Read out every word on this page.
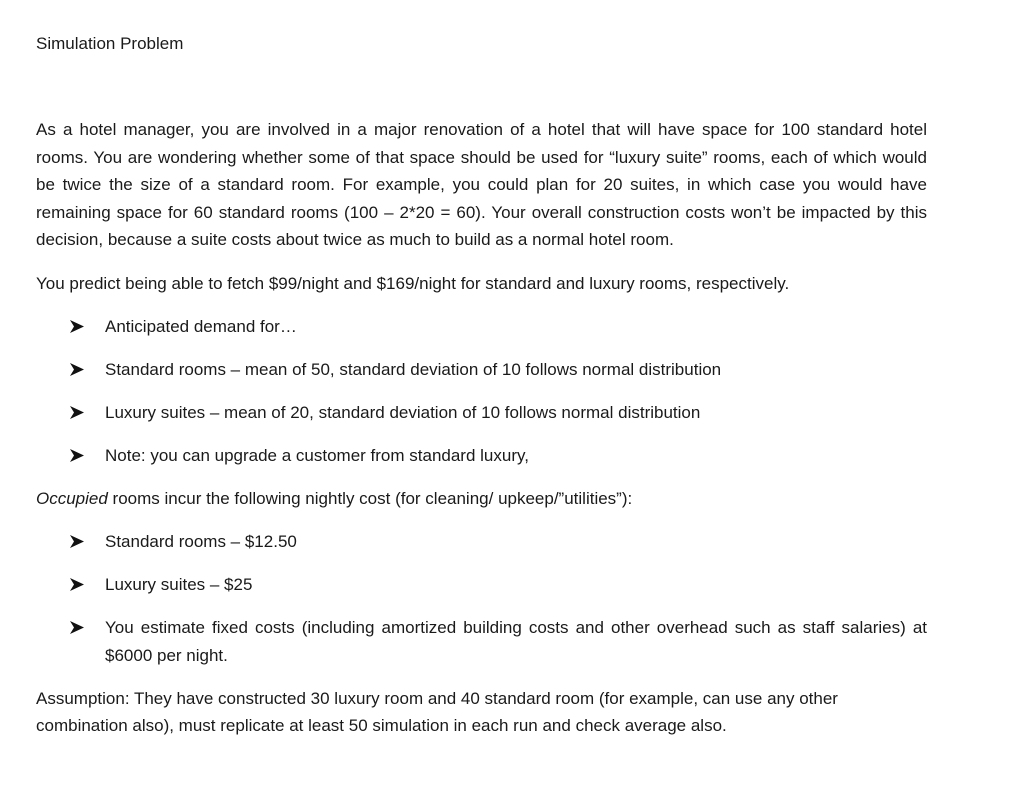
Simulation Problem

As a hotel manager, you are involved in a major renovation of a hotel that will have space for 100 standard hotel rooms. You are wondering whether some of that space should be used for “luxury suite” rooms, each of which would be twice the size of a standard room. For example, you could plan for 20 suites, in which case you would have remaining space for 60 standard rooms (100 – 2*20 = 60). Your overall construction costs won’t be impacted by this decision, because a suite costs about twice as much to build as a normal hotel room.

You predict being able to fetch $99/night and $169/night for standard and luxury rooms, respectively.

Anticipated demand for…
Standard rooms – mean of 50, standard deviation of 10 follows normal distribution
Luxury suites – mean of 20, standard deviation of 10 follows normal distribution
Note: you can upgrade a customer from standard luxury,

Occupied rooms incur the following nightly cost (for cleaning/ upkeep/”utilities”):

Standard rooms – $12.50
Luxury suites – $25
You estimate fixed costs (including amortized building costs and other overhead such as staff salaries) at $6000 per night.

Assumption: They have constructed 30 luxury room and 40 standard room (for example, can use any other combination also), must replicate at least 50 simulation in each run and check average also.
